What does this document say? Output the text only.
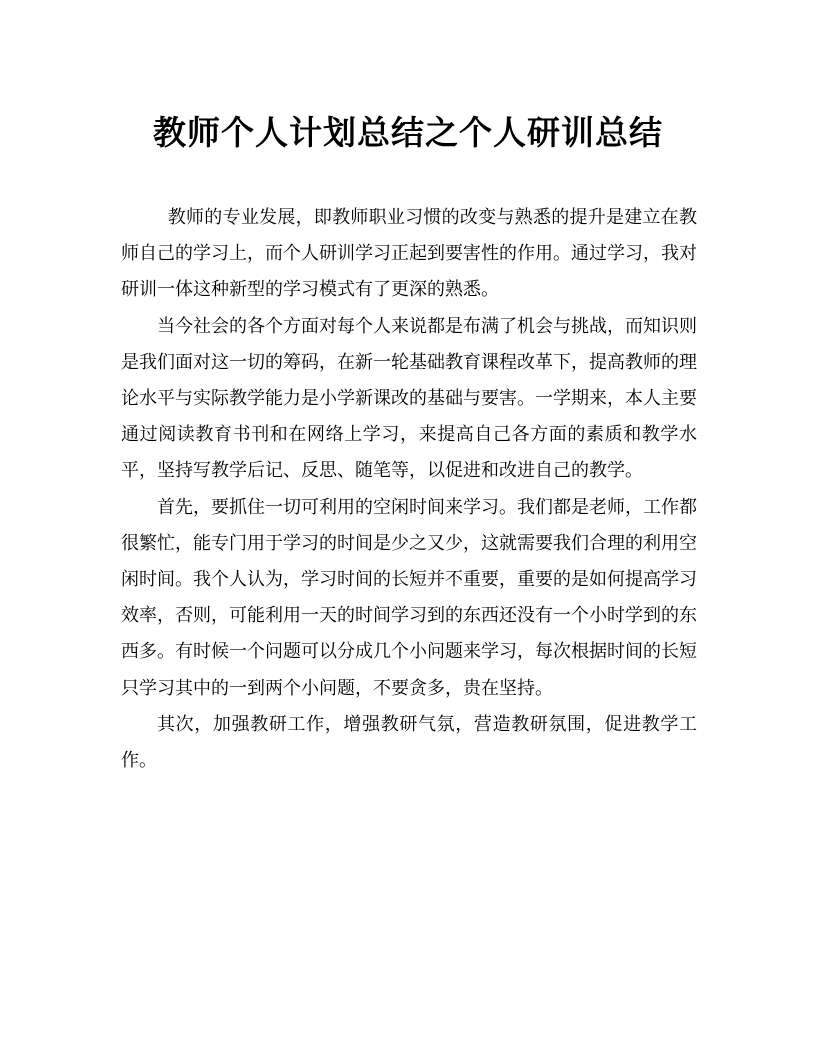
教师个人计划总结之个人研训总结

教师的专业发展，即教师职业习惯的改变与熟悉的提升是建立在教师自己的学习上，而个人研训学习正起到要害性的作用。通过学习，我对研训一体这种新型的学习模式有了更深的熟悉。

当今社会的各个方面对每个人来说都是布满了机会与挑战，而知识则是我们面对这一切的筹码，在新一轮基础教育课程改革下，提高教师的理论水平与实际教学能力是小学新课改的基础与要害。一学期来，本人主要通过阅读教育书刊和在网络上学习，来提高自己各方面的素质和教学水平，坚持写教学后记、反思、随笔等，以促进和改进自己的教学。

首先，要抓住一切可利用的空闲时间来学习。我们都是老师，工作都很繁忙，能专门用于学习的时间是少之又少，这就需要我们合理的利用空闲时间。我个人认为，学习时间的长短并不重要，重要的是如何提高学习效率，否则，可能利用一天的时间学习到的东西还没有一个小时学到的东西多。有时候一个问题可以分成几个小问题来学习，每次根据时间的长短只学习其中的一到两个小问题，不要贪多，贵在坚持。

其次，加强教研工作，增强教研气氛，营造教研氛围，促进教学工作。
